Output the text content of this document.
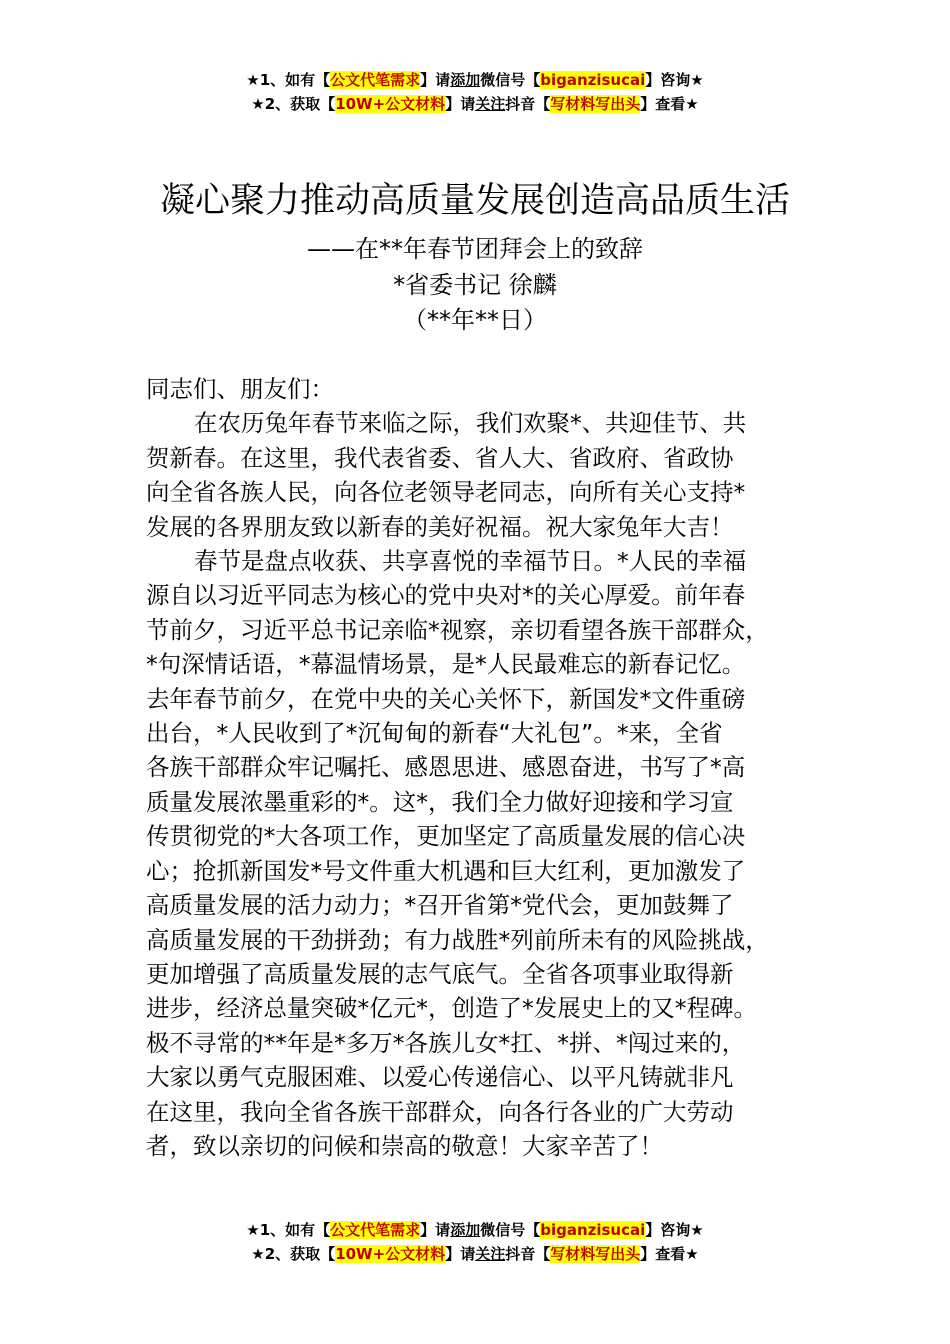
★1、如有【公文代笔需求】请添加微信号【biganzisucai】咨询★
★2、获取【10W+公文材料】请关注抖音【写材料写出头】查看★
凝心聚力推动高质量发展创造高品质生活
——在**年春节团拜会上的致辞
*省委书记 徐麟
（**年**日）
同志们、朋友们：
在农历兔年春节来临之际，我们欢聚*、共迎佳节、共
贺新春。在这里，我代表省委、省人大、省政府、省政协
向全省各族人民，向各位老领导老同志，向所有关心支持*
发展的各界朋友致以新春的美好祝福。祝大家兔年大吉！
春节是盘点收获、共享喜悦的幸福节日。*人民的幸福
源自以习近平同志为核心的党中央对*的关心厚爱。前年春
节前夕，习近平总书记亲临*视察，亲切看望各族干部群众，
*句深情话语，*幕温情场景，是*人民最难忘的新春记忆。
去年春节前夕，在党中央的关心关怀下，新国发*文件重磅
出台，*人民收到了*沉甸甸的新春“大礼包”。*来，全省
各族干部群众牢记嘱托、感恩思进、感恩奋进，书写了*高
质量发展浓墨重彩的*。这*，我们全力做好迎接和学习宣
传贯彻党的*大各项工作，更加坚定了高质量发展的信心决
心；抢抓新国发*号文件重大机遇和巨大红利，更加激发了
高质量发展的活力动力；*召开省第*党代会，更加鼓舞了
高质量发展的干劲拼劲；有力战胜*列前所未有的风险挑战，
更加增强了高质量发展的志气底气。全省各项事业取得新
进步，经济总量突破*亿元*，创造了*发展史上的又*程碑。
极不寻常的**年是*多万*各族儿女*扛、*拼、*闯过来的，
大家以勇气克服困难、以爱心传递信心、以平凡铸就非凡
在这里，我向全省各族干部群众，向各行各业的广大劳动
者，致以亲切的问候和崇高的敬意！大家辛苦了！
★1、如有【公文代笔需求】请添加微信号【biganzisucai】咨询★
★2、获取【10W+公文材料】请关注抖音【写材料写出头】查看★
